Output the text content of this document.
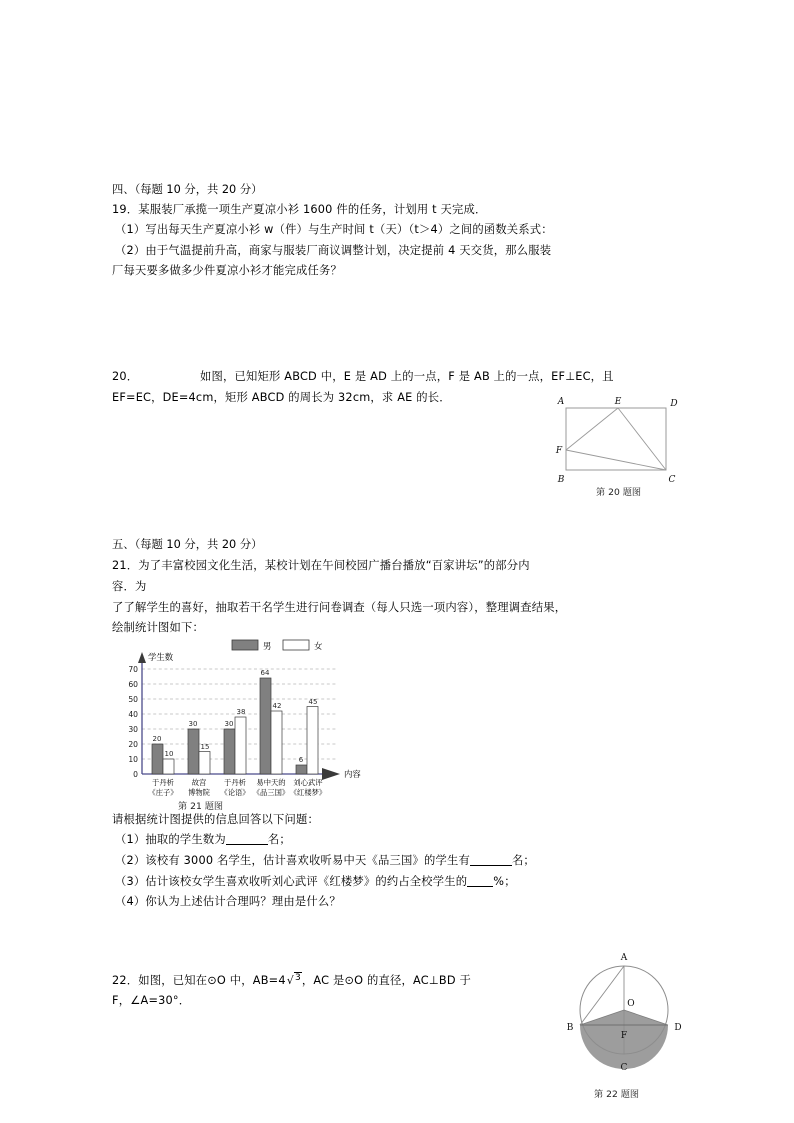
四、（每题 10 分，共 20 分）
19．某服装厂承揽一项生产夏凉小衫 1600 件的任务，计划用 t 天完成．
（1）写出每天生产夏凉小衫 w（件）与生产时间 t（天）（t＞4）之间的函数关系式：
（2）由于气温提前升高，商家与服装厂商议调整计划，决定提前 4 天交货，那么服装
厂每天要多做多少件夏凉小衫才能完成任务？
20．	如图，已知矩形 ABCD 中，E 是 AD 上的一点，F 是 AB 上的一点，EF⊥EC，且
EF=EC，DE=4cm，矩形 ABCD 的周长为 32cm，求 AE 的长．	A	E	D
F
B	C
第 20 题图
五、（每题 10 分，共 20 分）
21．为了丰富校园文化生活，某校计划在午间校园广播台播放“百家讲坛”的部分内
容．为
了了解学生的喜好，抽取若干名学生进行问卷调查（每人只选一项内容），整理调查结果，
绘制统计图如下：
0
10
20
30
40
50
60
70
学生数
内容
男	女
20
10
30
15
30
38
64
42
6
45
于丹析
《庄子》
故宫
博物院
于丹析
《论语》
易中天的
《品三国》
刘心武评
《红楼梦》
第 21 题图
请根据统计图提供的信息回答以下问题：
（1）抽取的学生数为	名；
（2）该校有 3000 名学生，估计喜欢收听易中天《品三国》的学生有	名；
（3）估计该校女学生喜欢收听刘心武评《红楼梦》的约占全校学生的 %；
（4）你认为上述估计合理吗？理由是什么？
22．如图，已知在⊙O 中，AB=4√3，AC 是⊙O 的直径，AC⊥BD 于
F，∠A=30°．
A
B
C
D
F
O
第 22 题图
